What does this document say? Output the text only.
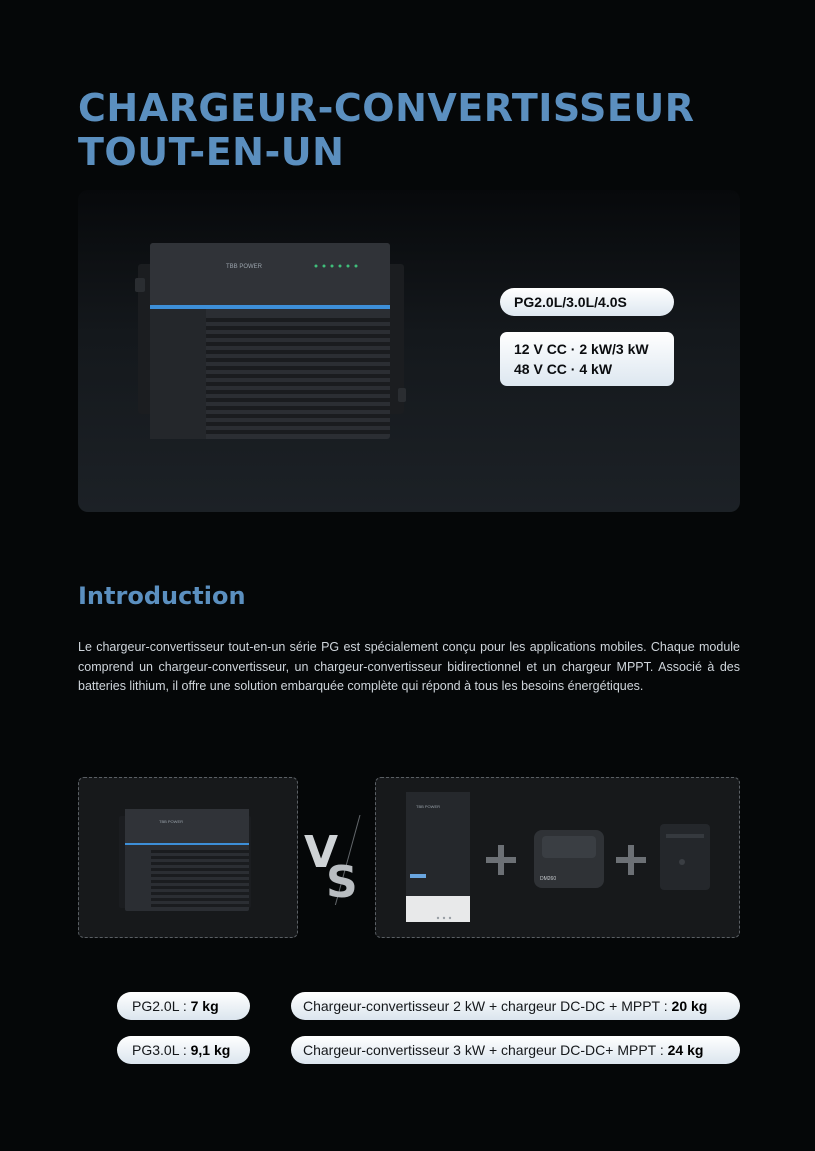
CHARGEUR-CONVERTISSEUR
TOUT-EN-UN
TBB POWER
PG2.0L/3.0L/4.0S
12 V CC · 2 kW/3 kW
48 V CC · 4 kW
Introduction

Le chargeur-convertisseur tout-en-un série PG est spécialement conçu pour les applications mobiles. Chaque module comprend un chargeur-convertisseur, un chargeur-convertisseur bidirectionnel et un chargeur MPPT. Associé à des batteries lithium, il offre une solution embarquée complète qui répond à tous les besoins énergétiques.

TBB POWER
V
S
TBB POWER
DM260
PG2.0L : 7 kg
PG3.0L : 9,1 kg
Chargeur-convertisseur 2 kW + chargeur DC-DC + MPPT : 20 kg
Chargeur-convertisseur 3 kW + chargeur DC-DC+ MPPT : 24 kg
